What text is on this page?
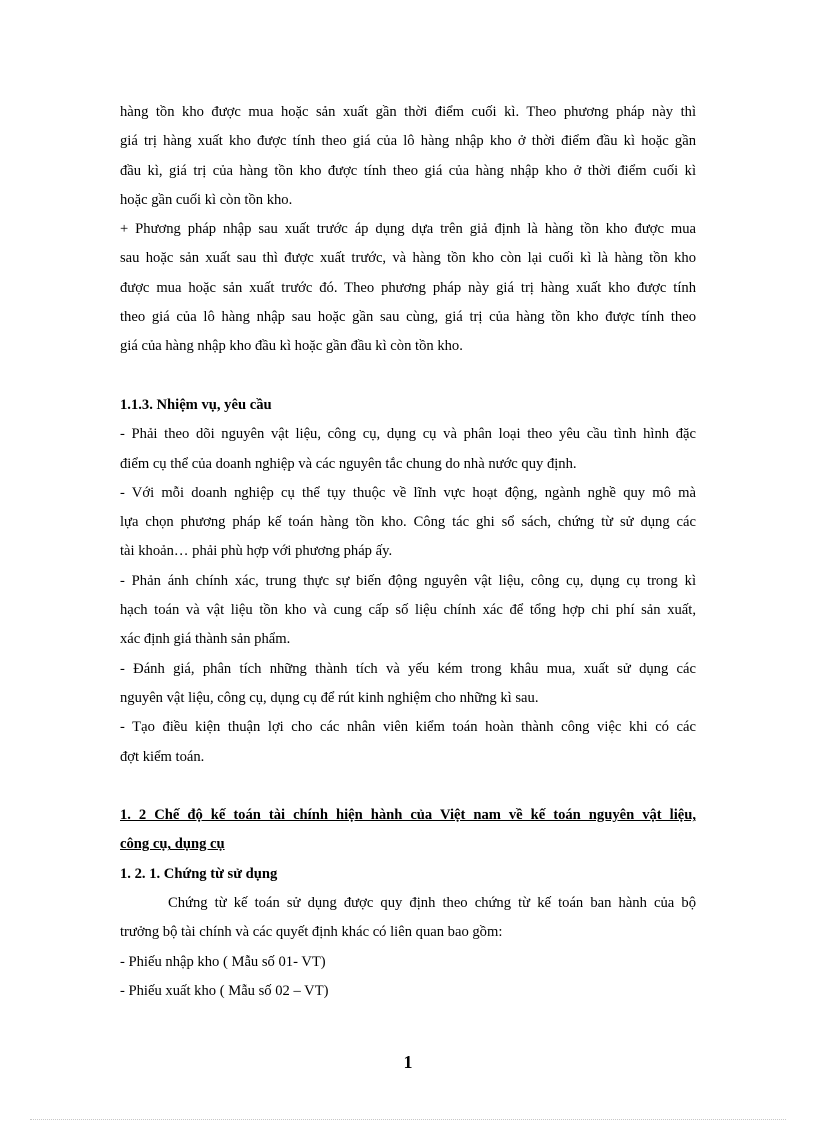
hàng tồn kho được mua hoặc sản xuất gần thời điểm cuối kì. Theo phương pháp này thì
giá trị hàng xuất kho được tính theo giá của lô hàng nhập kho ở thời điểm đầu kì hoặc gần
đầu kì, giá trị của hàng tồn kho được tính theo giá của hàng nhập kho ở thời điểm cuối kì
hoặc gần cuối kì còn tồn kho.
+ Phương pháp nhập sau xuất trước áp dụng dựa trên giả định là hàng tồn kho được mua
sau hoặc sản xuất sau thì được xuất trước, và hàng tồn kho còn lại cuối kì là hàng tồn kho
được mua hoặc sản xuất trước đó. Theo phương pháp này giá trị hàng xuất kho được tính
theo giá của lô hàng nhập sau hoặc gần sau cùng, giá trị của hàng tồn kho được tính theo
giá của hàng nhập kho đầu kì hoặc gần đầu kì còn tồn kho.
1.1.3. Nhiệm vụ, yêu cầu
- Phải theo dõi nguyên vật liệu, công cụ, dụng cụ và phân loại theo yêu cầu tình hình đặc
điểm cụ thể của doanh nghiệp và các nguyên tắc chung do nhà nước quy định.
- Với mỗi doanh nghiệp cụ thể tụy thuộc về lĩnh vực hoạt động, ngành nghề quy mô mà
lựa chọn phương pháp kế toán hàng tồn kho. Công tác ghi sổ sách, chứng từ sử dụng các
tài khoản… phải phù hợp với phương pháp ấy.
- Phản ánh chính xác, trung thực sự biến động nguyên vật liệu, công cụ, dụng cụ trong kì
hạch toán và vật liệu tồn kho và cung cấp số liệu chính xác để tổng hợp chi phí sản xuất,
xác định giá thành sản phẩm.
- Đánh giá, phân tích những thành tích và yếu kém trong khâu mua, xuất sử dụng các
nguyên vật liệu, công cụ, dụng cụ để rút kinh nghiệm cho những kì sau.
- Tạo điều kiện thuận lợi cho các nhân viên kiểm toán hoàn thành công việc khi có các
đợt kiểm toán.
1. 2 Chế độ kế toán tài chính hiện hành của Việt nam về kế toán nguyên vật liệu,
công cụ, dụng cụ
1. 2. 1. Chứng từ sử dụng
Chứng từ kế toán sử dụng được quy định theo chứng từ kế toán ban hành của bộ
trưởng bộ tài chính và các quyết định khác có liên quan bao gồm:
- Phiếu nhập kho ( Mẫu số 01- VT)
- Phiếu xuất kho ( Mẫu số 02 – VT)
1
